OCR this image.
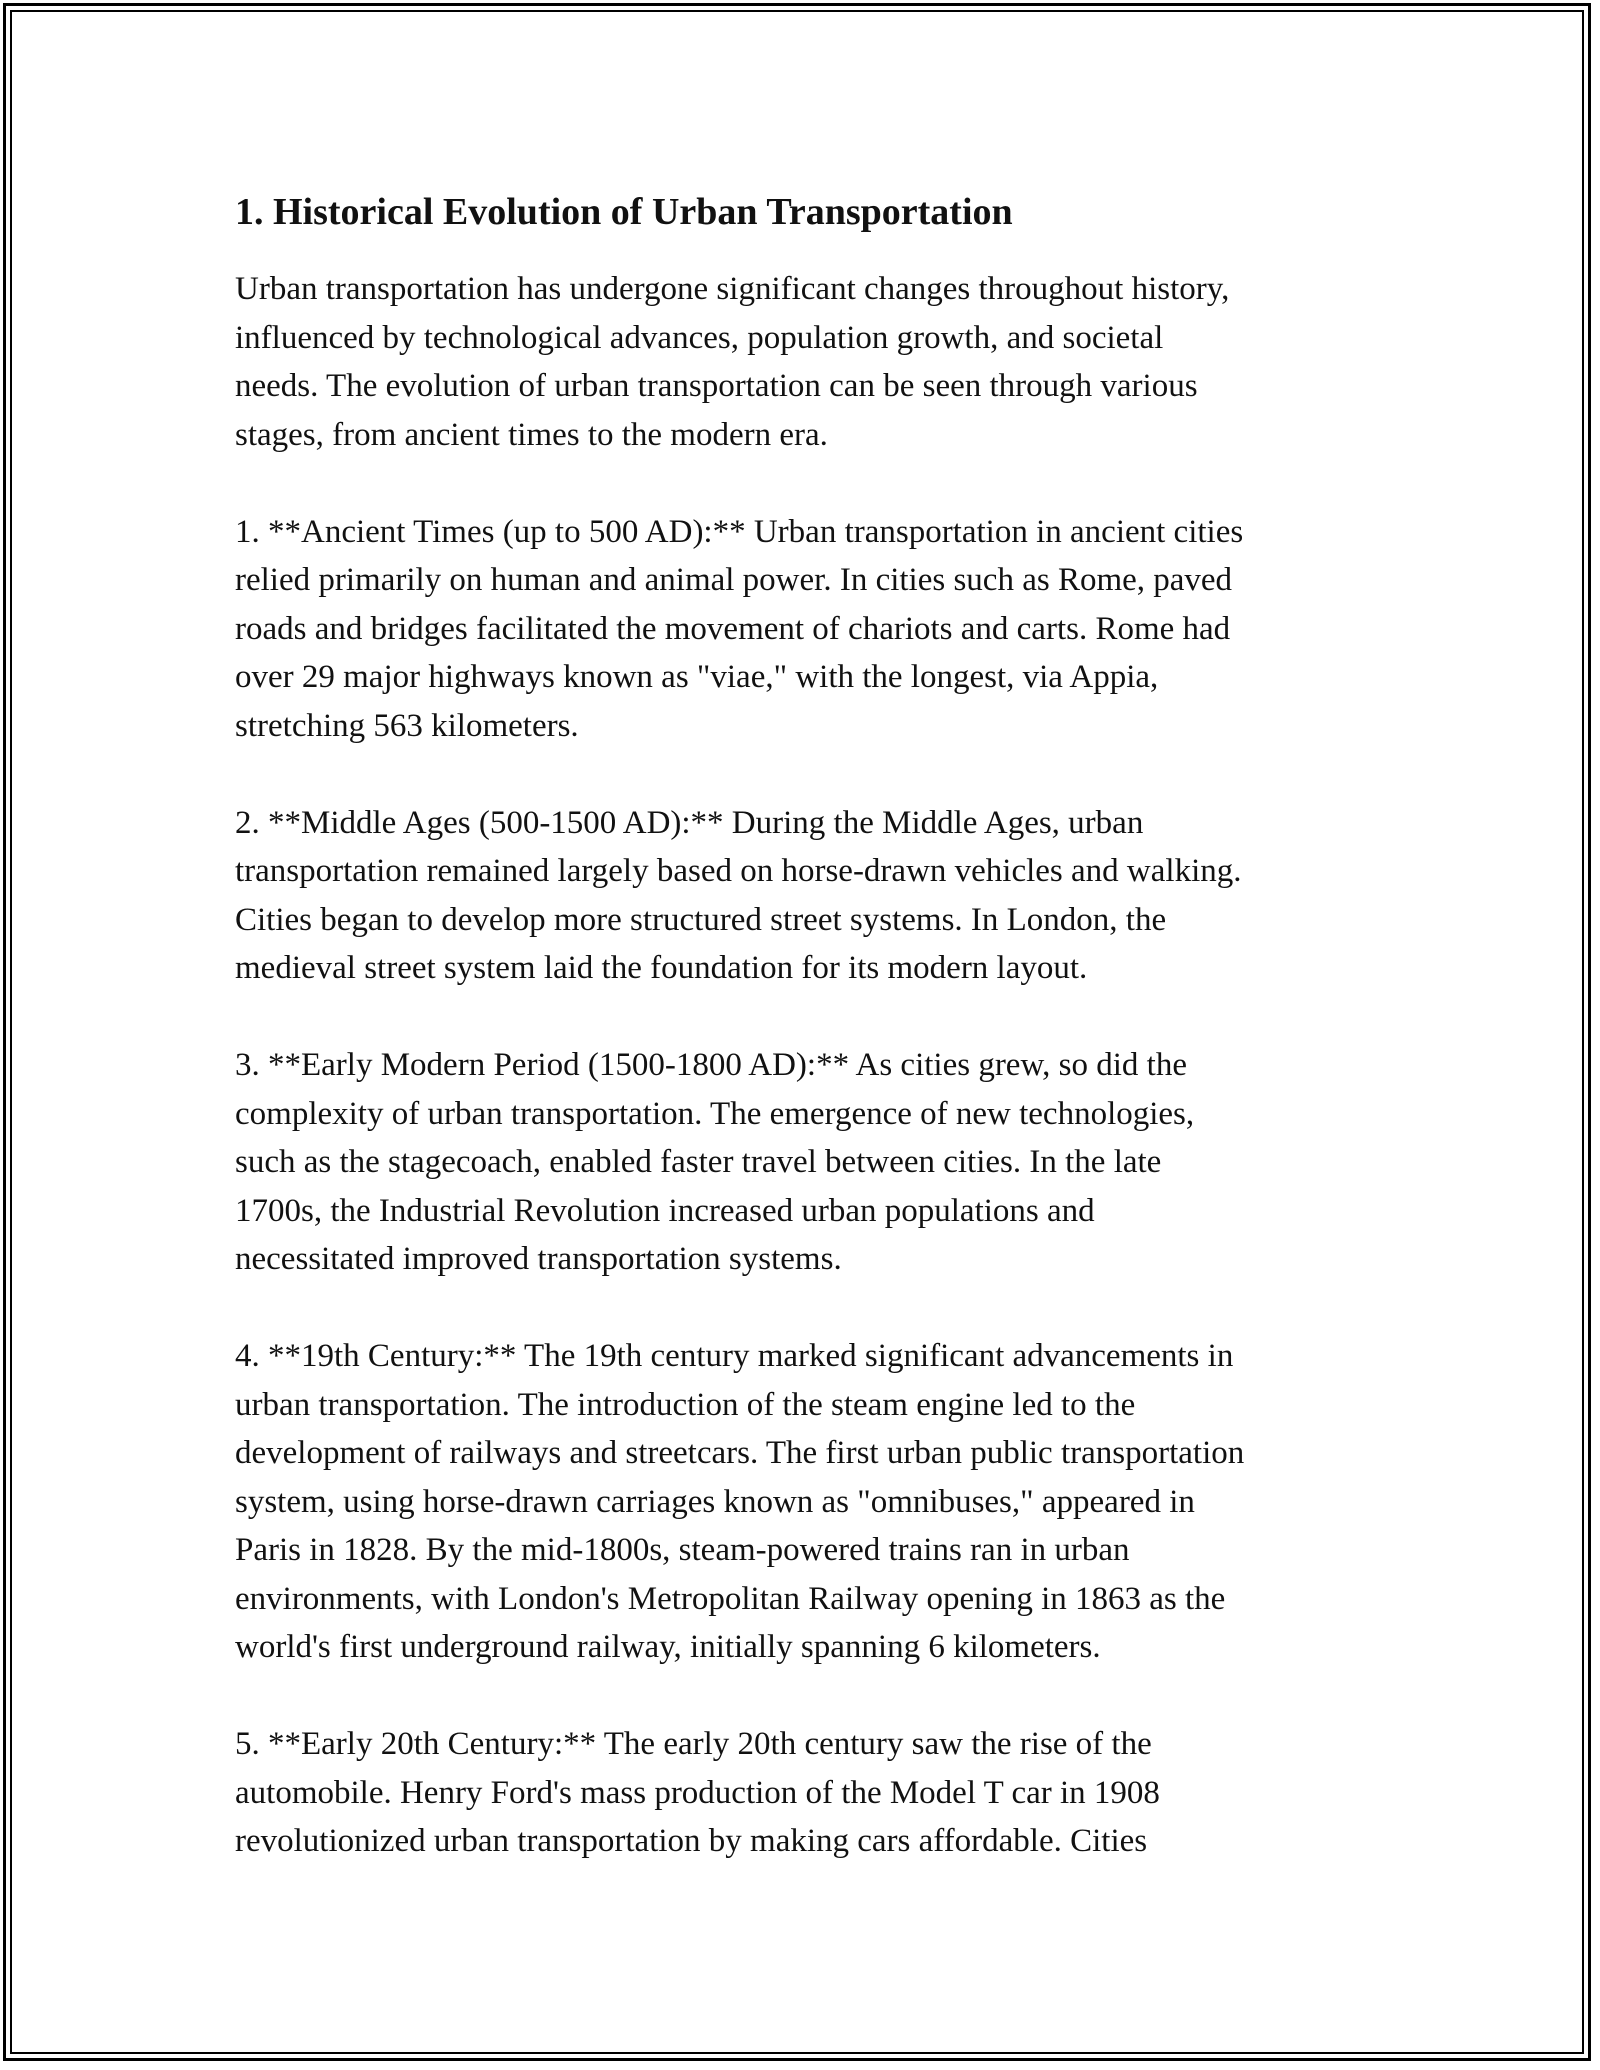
1. Historical Evolution of Urban Transportation

Urban transportation has undergone significant changes throughout history,
influenced by technological advances, population growth, and societal
needs. The evolution of urban transportation can be seen through various
stages, from ancient times to the modern era.

1. **Ancient Times (up to 500 AD):** Urban transportation in ancient cities
relied primarily on human and animal power. In cities such as Rome, paved
roads and bridges facilitated the movement of chariots and carts. Rome had
over 29 major highways known as "viae," with the longest, via Appia,
stretching 563 kilometers.

2. **Middle Ages (500-1500 AD):** During the Middle Ages, urban
transportation remained largely based on horse-drawn vehicles and walking.
Cities began to develop more structured street systems. In London, the
medieval street system laid the foundation for its modern layout.

3. **Early Modern Period (1500-1800 AD):** As cities grew, so did the
complexity of urban transportation. The emergence of new technologies,
such as the stagecoach, enabled faster travel between cities. In the late
1700s, the Industrial Revolution increased urban populations and
necessitated improved transportation systems.

4. **19th Century:** The 19th century marked significant advancements in
urban transportation. The introduction of the steam engine led to the
development of railways and streetcars. The first urban public transportation
system, using horse-drawn carriages known as "omnibuses," appeared in
Paris in 1828. By the mid-1800s, steam-powered trains ran in urban
environments, with London's Metropolitan Railway opening in 1863 as the
world's first underground railway, initially spanning 6 kilometers.

5. **Early 20th Century:** The early 20th century saw the rise of the
automobile. Henry Ford's mass production of the Model T car in 1908
revolutionized urban transportation by making cars affordable. Cities
